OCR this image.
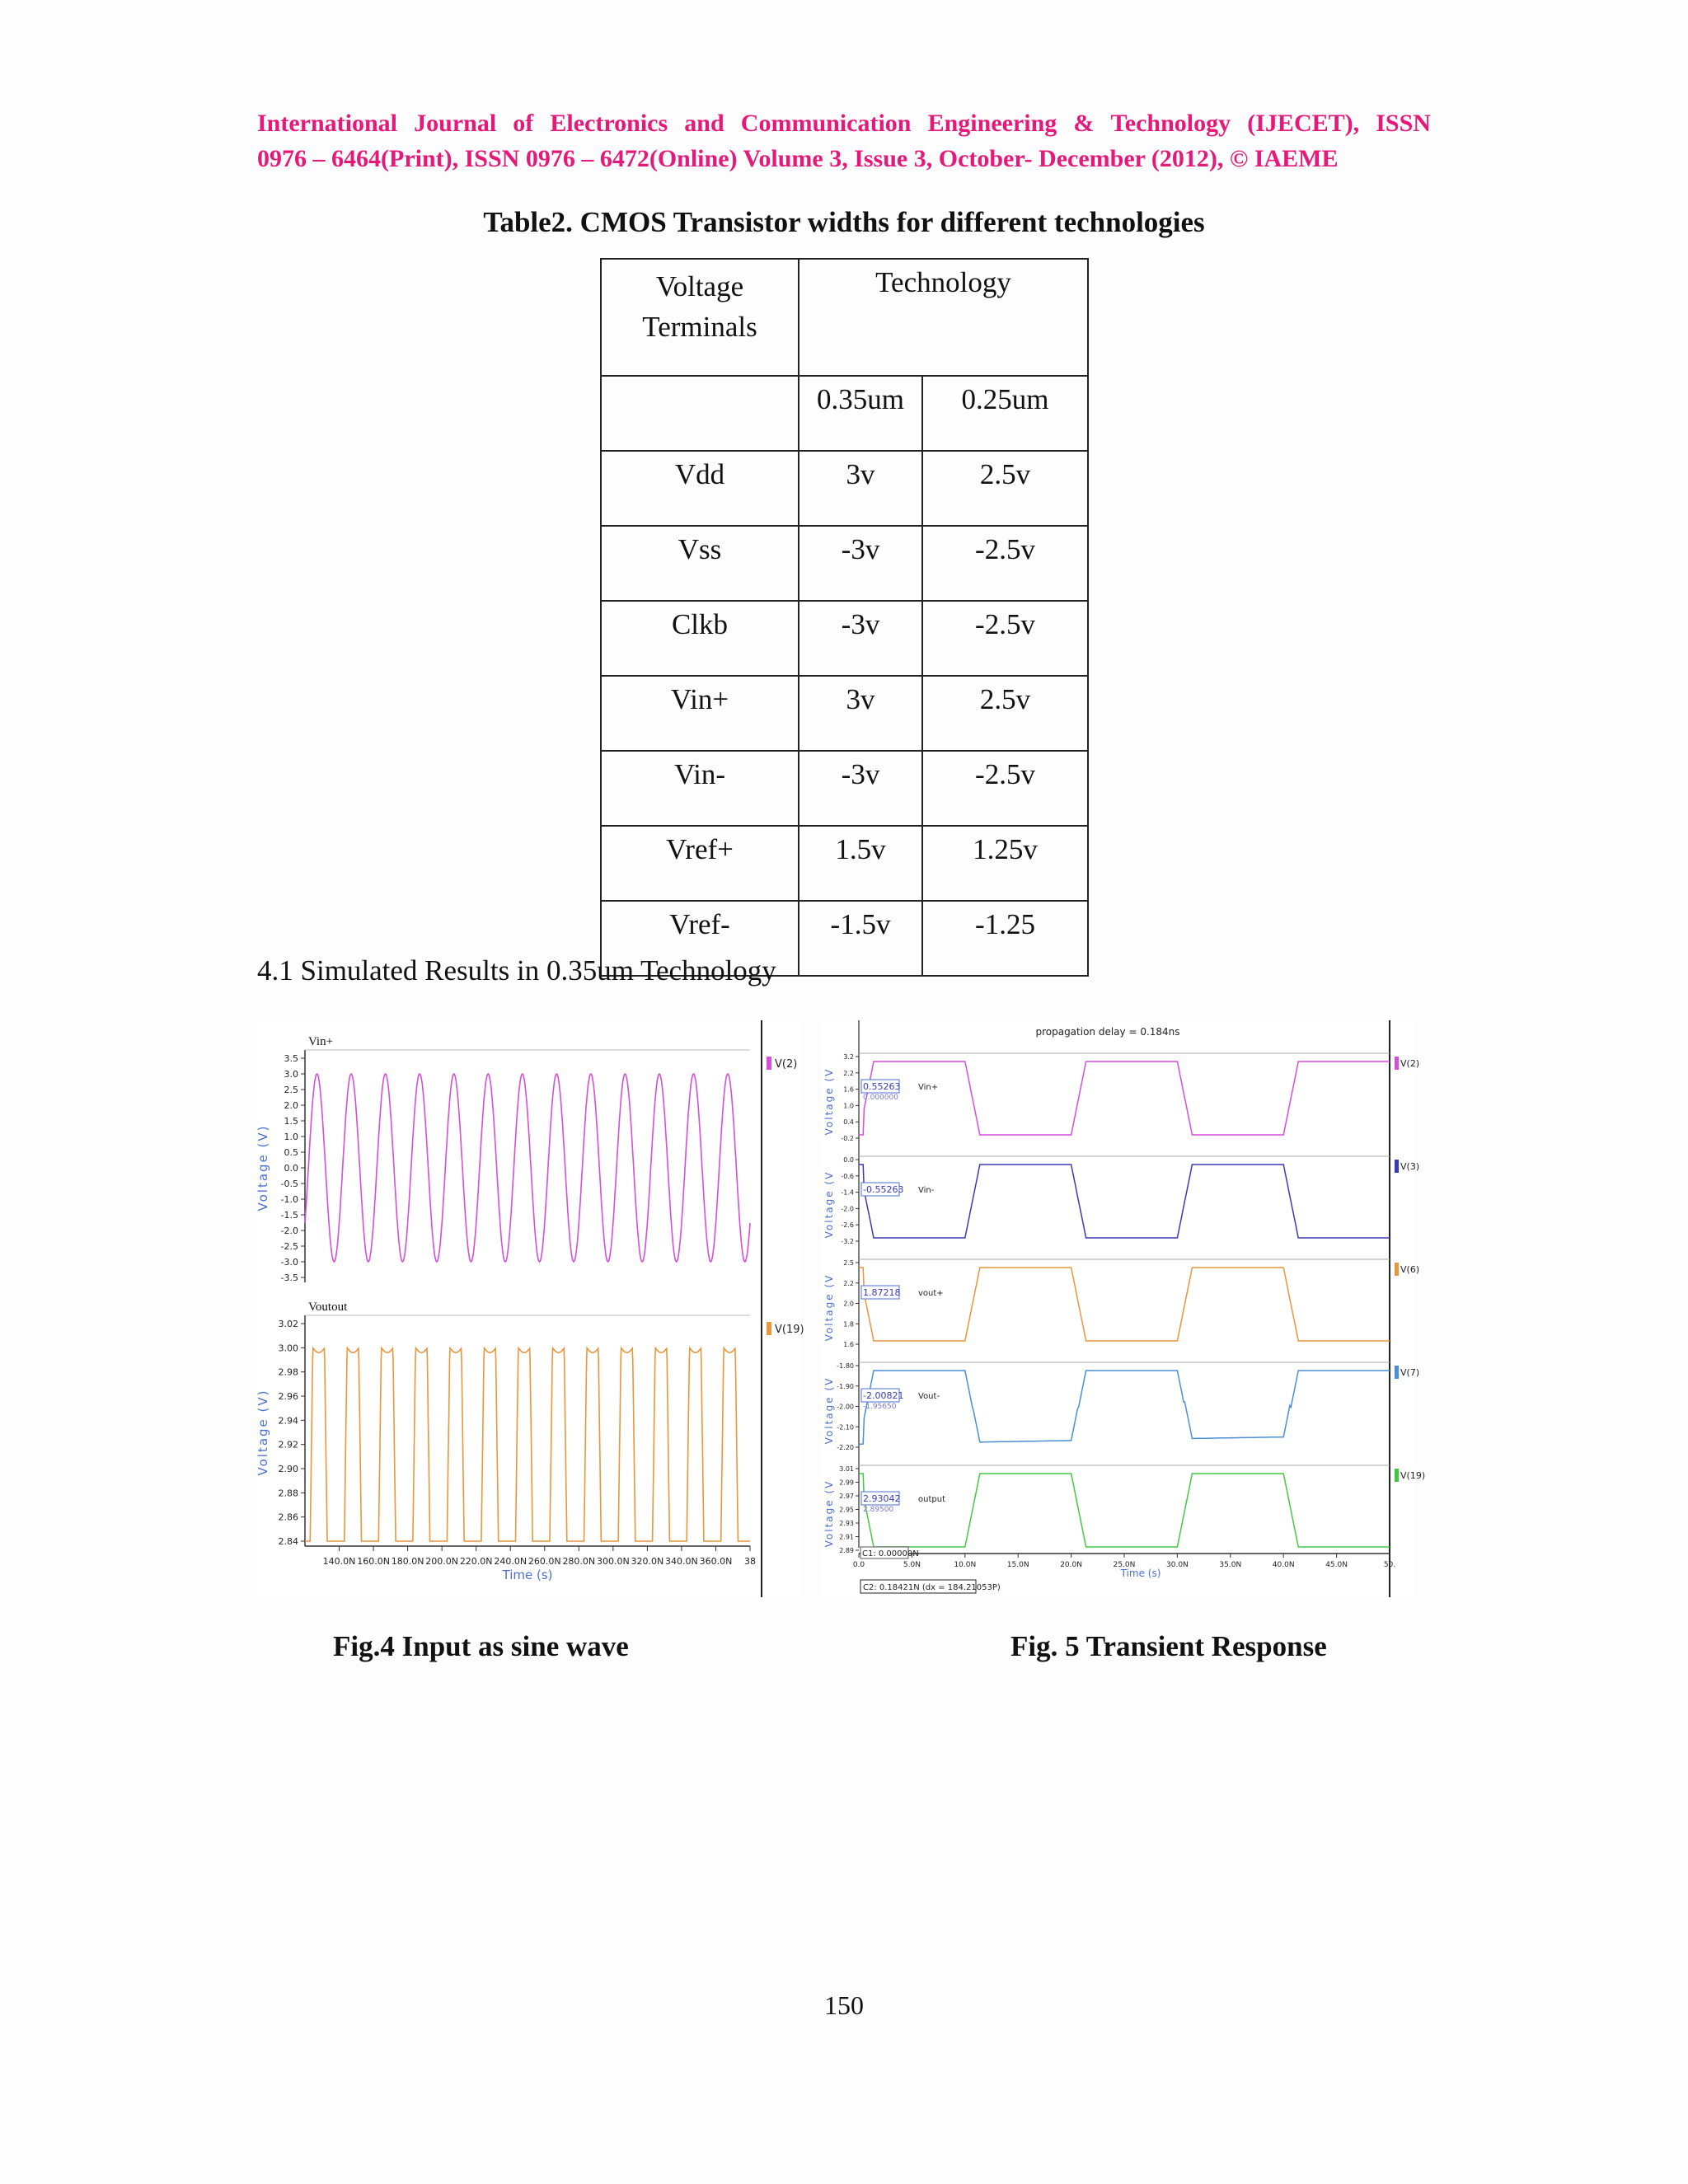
International Journal of Electronics and Communication Engineering & Technology (IJECET), ISSN
0976 – 6464(Print), ISSN 0976 – 6472(Online) Volume 3, Issue 3, October- December (2012), © IAEME
Table2. CMOS Transistor widths for different technologies
Voltage
Terminals	Technology	
	0.35um	0.25um
Vdd	3v	2.5v
Vss	-3v	-2.5v
Clkb	-3v	-2.5v
Vin+	3v	2.5v
Vin-	-3v	-2.5v
Vref+	1.5v	1.25v
Vref-	-1.5v	-1.25
4.1 Simulated Results in 0.35um Technology
Vin+
3.5
3.0
2.5
2.0
1.5
1.0
0.5
0.0
-0.5
-1.0
-1.5
-2.0
-2.5
-3.0
-3.5
Voltage (V)
V(2)
Voutout
3.02
3.00
2.98
2.96
2.94
2.92
2.90
2.88
2.86
2.84
Voltage (V)
V(19)
140.0N 160.0N 180.0N 200.0N 220.0N 240.0N 260.0N 280.0N 300.0N 320.0N 340.0N 360.0N 38
Time (s)
propagation delay = 0.184ns
3.2
2.2
1.6
1.0
0.4
-0.2
Voltage (V	0.55263
0.000000
Vin+
V(2)
0.0
-0.6
-1.4
-2.0
-2.6
-3.2
Voltage (V	-0.55263 Vin-
V(3)
2.5
2.2
2.0
1.8
1.6
Voltage (V	1.87218 vout+
V(6)
-1.80
-1.90
-2.00
-2.10
-2.20
Voltage (V	-2.00821
-1.95650
Vout-
V(7)
3.01
2.99
2.97
2.95
2.93
2.91
2.89
Voltage (V	2.93042
2.89500
output
V(19)
0.0	5.0N	10.0N	15.0N	20.0N	25.0N	30.0N	35.0N	40.0N	45.0N	50.
Time (s)
C1: 0.00000N
C2: 0.18421N (dx = 184.21053P)
Fig.4 Input as sine wave	Fig. 5 Transient Response
150
